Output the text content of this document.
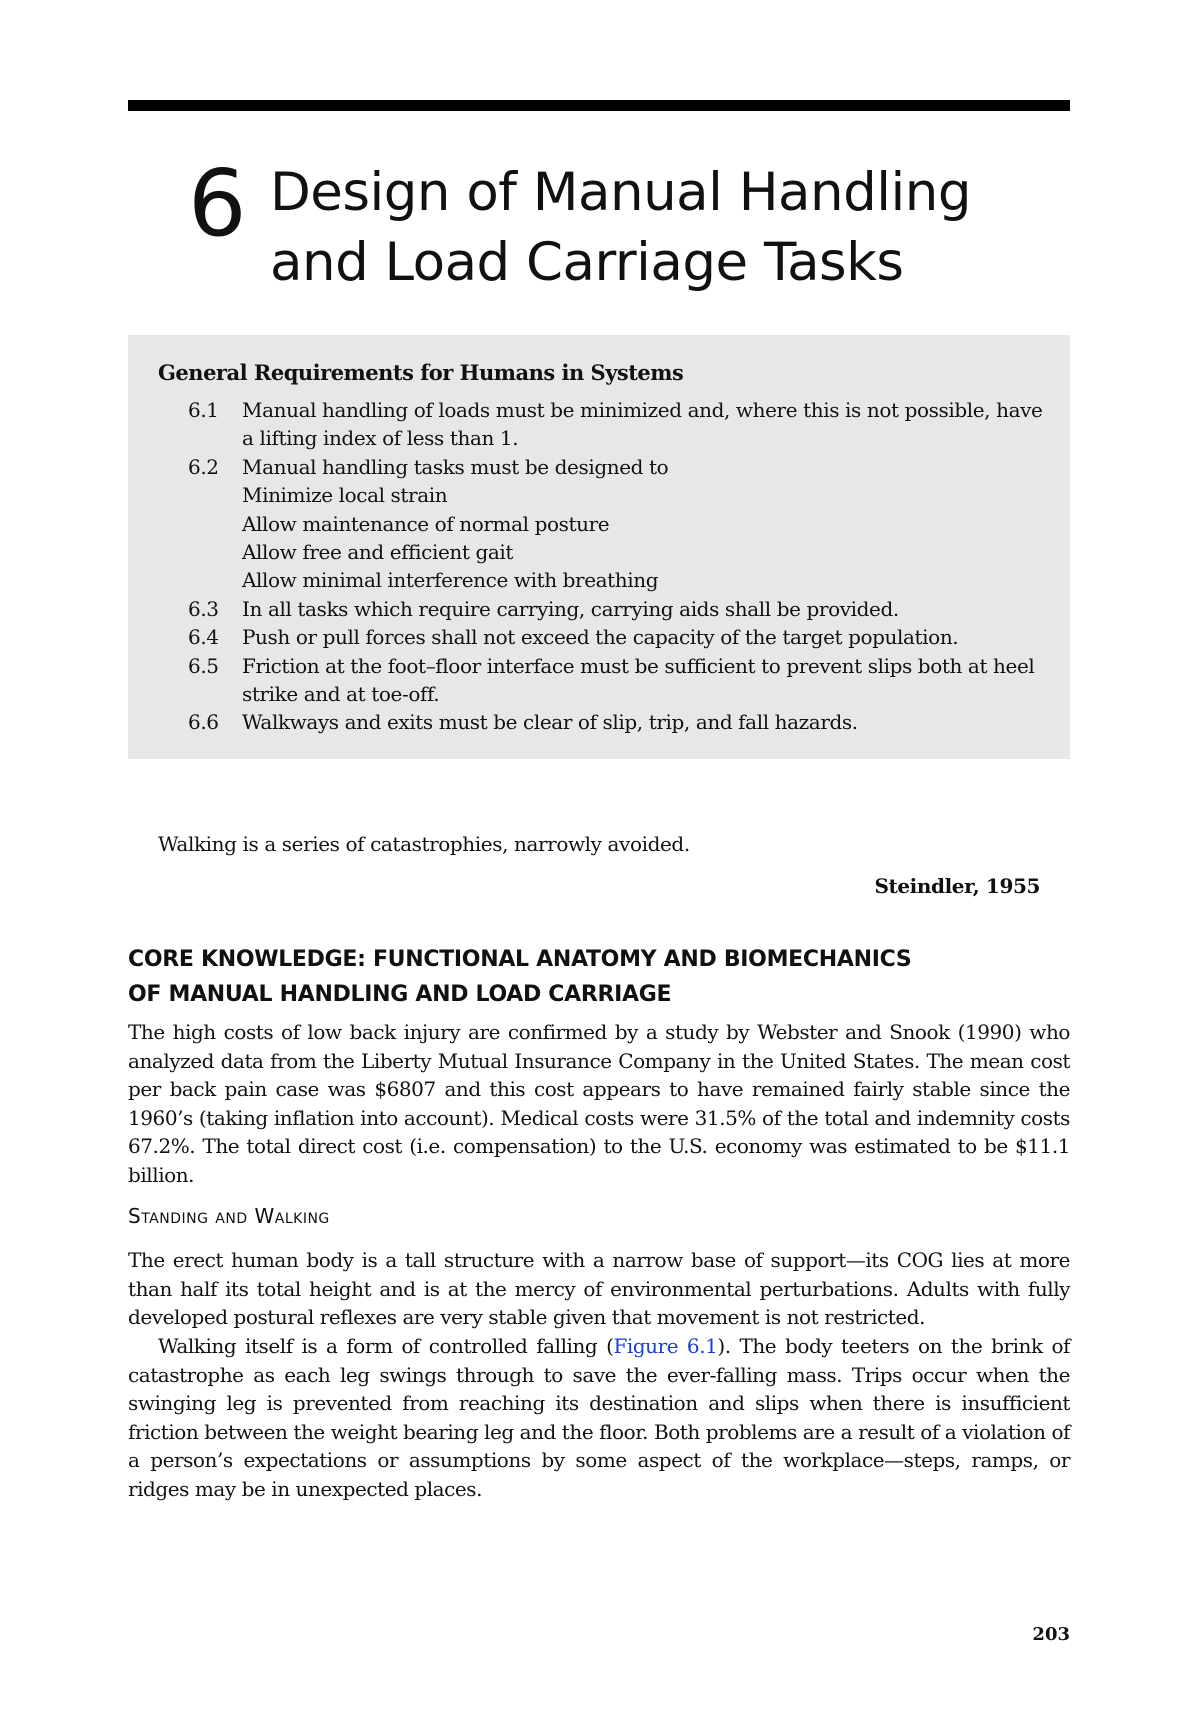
6 Design of Manual Handling
and Load Carriage Tasks
General Requirements for Humans in Systems
6.1	Manual handling of loads must be minimized and, where this is not possible, have
a lifting index of less than 1.
6.2	Manual handling tasks must be designed to
Minimize local strain
Allow maintenance of normal posture
Allow free and efficient gait
Allow minimal interference with breathing
6.3	In all tasks which require carrying, carrying aids shall be provided.
6.4	Push or pull forces shall not exceed the capacity of the target population.
6.5	Friction at the foot–floor interface must be sufficient to prevent slips both at heel
strike and at toe-off.
6.6	Walkways and exits must be clear of slip, trip, and fall hazards.
Walking is a series of catastrophies, narrowly avoided.
Steindler, 1955
CORE KNOWLEDGE: FUNCTIONAL ANATOMY AND BIOMECHANICS
OF MANUAL HANDLING AND LOAD CARRIAGE
The high costs of low back injury are confirmed by a study by Webster and Snook (1990) who analyzed data from the Liberty Mutual Insurance Company in the United States. The mean cost per back pain case was $6807 and this cost appears to have remained fairly stable since the 1960’s (taking inflation into account). Medical costs were 31.5% of the total and indemnity costs 67.2%. The total direct cost (i.e. compensation) to the U.S. economy was estimated to be $11.1 billion.
Standing and Walking
The erect human body is a tall structure with a narrow base of support—its COG lies at more than half its total height and is at the mercy of environmental perturbations. Adults with fully developed postural reflexes are very stable given that movement is not restricted.
Walking itself is a form of controlled falling (Figure 6.1). The body teeters on the brink of catastrophe as each leg swings through to save the ever-falling mass. Trips occur when the swinging leg is prevented from reaching its destination and slips when there is insufficient friction between the weight bearing leg and the floor. Both problems are a result of a violation of a person’s expectations or assumptions by some aspect of the workplace—steps, ramps, or ridges may be in unexpected places.
203
